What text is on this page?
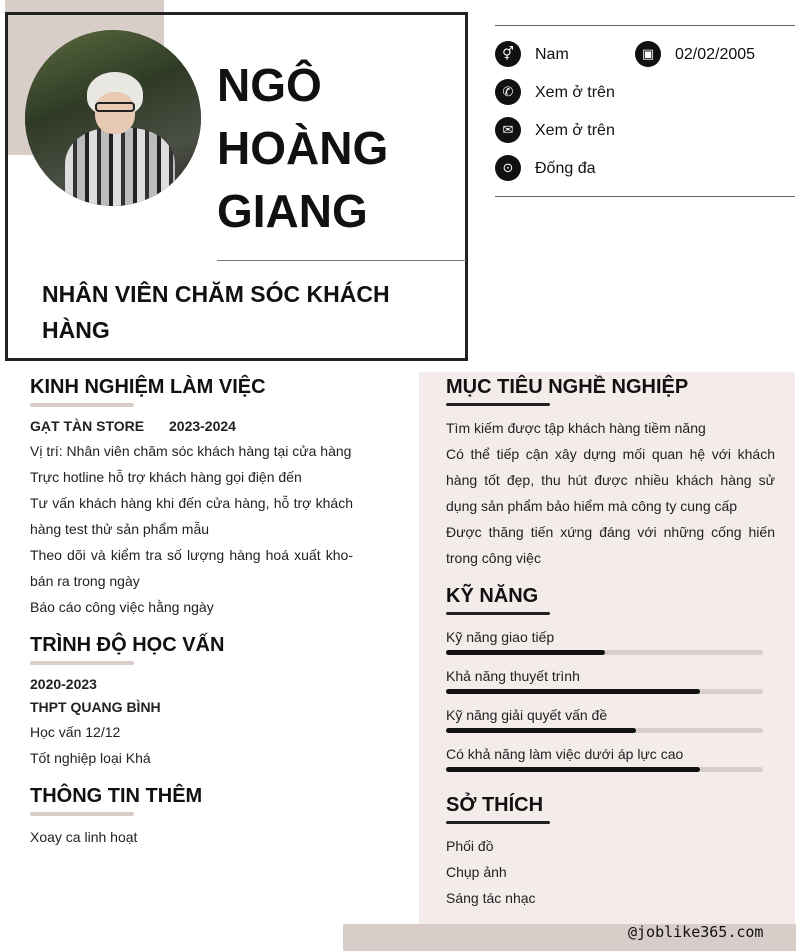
NGÔ
HOÀNG
GIANG
NHÂN VIÊN CHĂM SÓC KHÁCH HÀNG
⚥	Nam	▣	02/02/2005
✆	Xem ở trên
✉	Xem ở trên
⊙	Đống đa
KINH NGHIỆM LÀM VIỆC
GẠT TÀN STORE 2023-2024
Vị trí: Nhân viên chăm sóc khách hàng tại cửa hàng
Trực hotline hỗ trợ khách hàng gọi điện đến
Tư vấn khách hàng khi đến cửa hàng, hỗ trợ khách hàng test thử sản phẩm mẫu
Theo dõi và kiểm tra số lượng hàng hoá xuất kho-bán ra trong ngày
Báo cáo công việc hằng ngày
TRÌNH ĐỘ HỌC VẤN
2020-2023
THPT QUANG BÌNH
Học vấn 12/12
Tốt nghiệp loại Khá
THÔNG TIN THÊM
Xoay ca linh hoạt
MỤC TIÊU NGHỀ NGHIỆP
Tìm kiếm được tập khách hàng tiềm năng
Có thể tiếp cận xây dựng mối quan hệ với khách hàng tốt đẹp, thu hút được nhiều khách hàng sử dụng sản phẩm bảo hiểm mà công ty cung cấp
Được thăng tiến xứng đáng với những cống hiến trong công việc
KỸ NĂNG
Kỹ năng giao tiếp
Khả năng thuyết trình
Kỹ năng giải quyết vấn đề
Có khả năng làm việc dưới áp lực cao
SỞ THÍCH
Phối đồ
Chụp ảnh
Sáng tác nhạc
@joblike365.com
